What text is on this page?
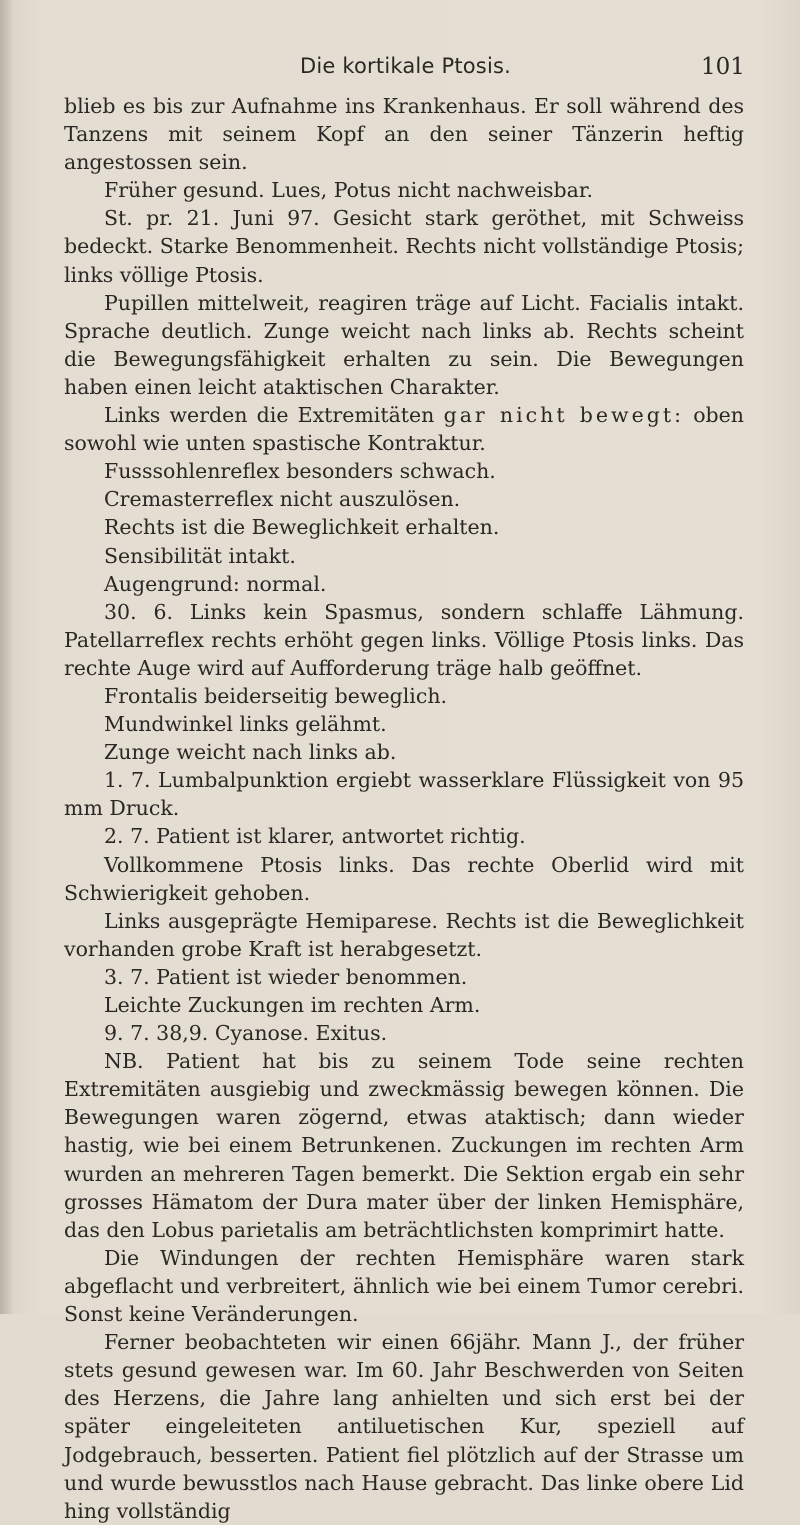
Die kortikale Ptosis.	101

blieb es bis zur Aufnahme ins Krankenhaus. Er soll während des Tanzens mit seinem Kopf an den seiner Tänzerin heftig angestossen sein.

Früher gesund. Lues, Potus nicht nachweisbar.

St. pr. 21. Juni 97. Gesicht stark geröthet, mit Schweiss bedeckt. Starke Benommenheit. Rechts nicht vollständige Ptosis; links völlige Ptosis.

Pupillen mittelweit, reagiren träge auf Licht. Facialis intakt. Sprache deutlich. Zunge weicht nach links ab. Rechts scheint die Bewegungsfähigkeit erhalten zu sein. Die Bewegungen haben einen leicht ataktischen Charakter.

Links werden die Extremitäten gar nicht bewegt: oben sowohl wie unten spastische Kontraktur.

Fusssohlenreflex besonders schwach.

Cremasterreflex nicht auszulösen.

Rechts ist die Beweglichkeit erhalten.

Sensibilität intakt.

Augengrund: normal.

30. 6. Links kein Spasmus, sondern schlaffe Lähmung. Patellarreflex rechts erhöht gegen links. Völlige Ptosis links. Das rechte Auge wird auf Aufforderung träge halb geöffnet.

Frontalis beiderseitig beweglich.

Mundwinkel links gelähmt.

Zunge weicht nach links ab.

1. 7. Lumbalpunktion ergiebt wasserklare Flüssigkeit von 95 mm Druck.

2. 7. Patient ist klarer, antwortet richtig.

Vollkommene Ptosis links. Das rechte Oberlid wird mit Schwierigkeit gehoben.

Links ausgeprägte Hemiparese. Rechts ist die Beweglichkeit vorhanden grobe Kraft ist herabgesetzt.

3. 7. Patient ist wieder benommen.

Leichte Zuckungen im rechten Arm.

9. 7. 38,9. Cyanose. Exitus.

NB. Patient hat bis zu seinem Tode seine rechten Extremitäten ausgiebig und zweckmässig bewegen können. Die Bewegungen waren zögernd, etwas ataktisch; dann wieder hastig, wie bei einem Betrunkenen. Zuckungen im rechten Arm wurden an mehreren Tagen bemerkt. Die Sektion ergab ein sehr grosses Hämatom der Dura mater über der linken Hemisphäre, das den Lobus parietalis am beträchtlichsten komprimirt hatte.

Die Windungen der rechten Hemisphäre waren stark abgeflacht und verbreitert, ähnlich wie bei einem Tumor cerebri. Sonst keine Veränderungen.

Ferner beobachteten wir einen 66jähr. Mann J., der früher stets gesund gewesen war. Im 60. Jahr Beschwerden von Seiten des Herzens, die Jahre lang anhielten und sich erst bei der später eingeleiteten antiluetischen Kur, speziell auf Jodgebrauch, besserten. Patient fiel plötzlich auf der Strasse um und wurde bewusstlos nach Hause gebracht. Das linke obere Lid hing vollständig
